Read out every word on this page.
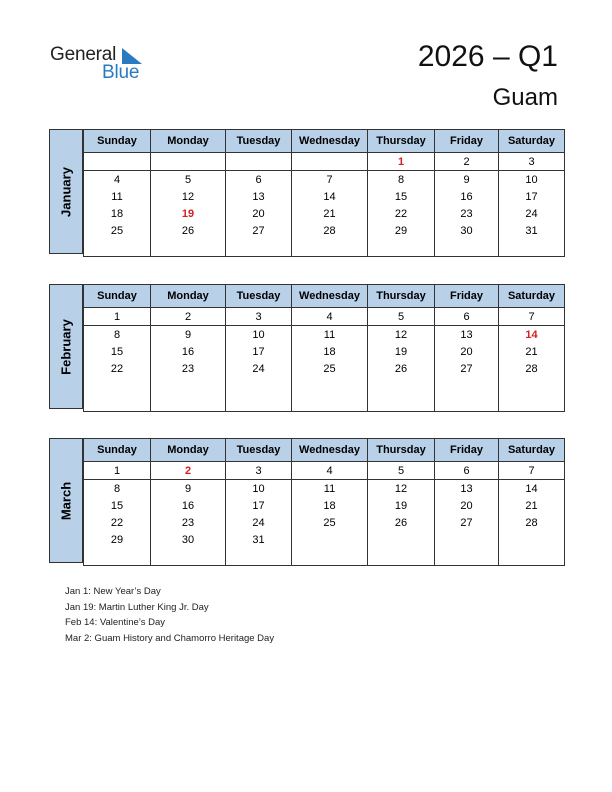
General
Blue	2026 – Q1
Guam
January
Sunday	Monday	Tuesday	Wednesday	Thursday	Friday	Saturday
				1	2	3
4	5	6	7	8	9	10
11	12	13	14	15	16	17
18	19	20	21	22	23	24
25	26	27	28	29	30	31

February
Sunday	Monday	Tuesday	Wednesday	Thursday	Friday	Saturday
1	2	3	4	5	6	7
8	9	10	11	12	13	14
15	16	17	18	19	20	21
22	23	24	25	26	27	28

March
Sunday	Monday	Tuesday	Wednesday	Thursday	Friday	Saturday
1	2	3	4	5	6	7
8	9	10	11	12	13	14
15	16	17	18	19	20	21
22	23	24	25	26	27	28
29	30	31				

Jan 1: New Year’s Day
Jan 19: Martin Luther King Jr. Day
Feb 14: Valentine’s Day
Mar 2: Guam History and Chamorro Heritage Day
